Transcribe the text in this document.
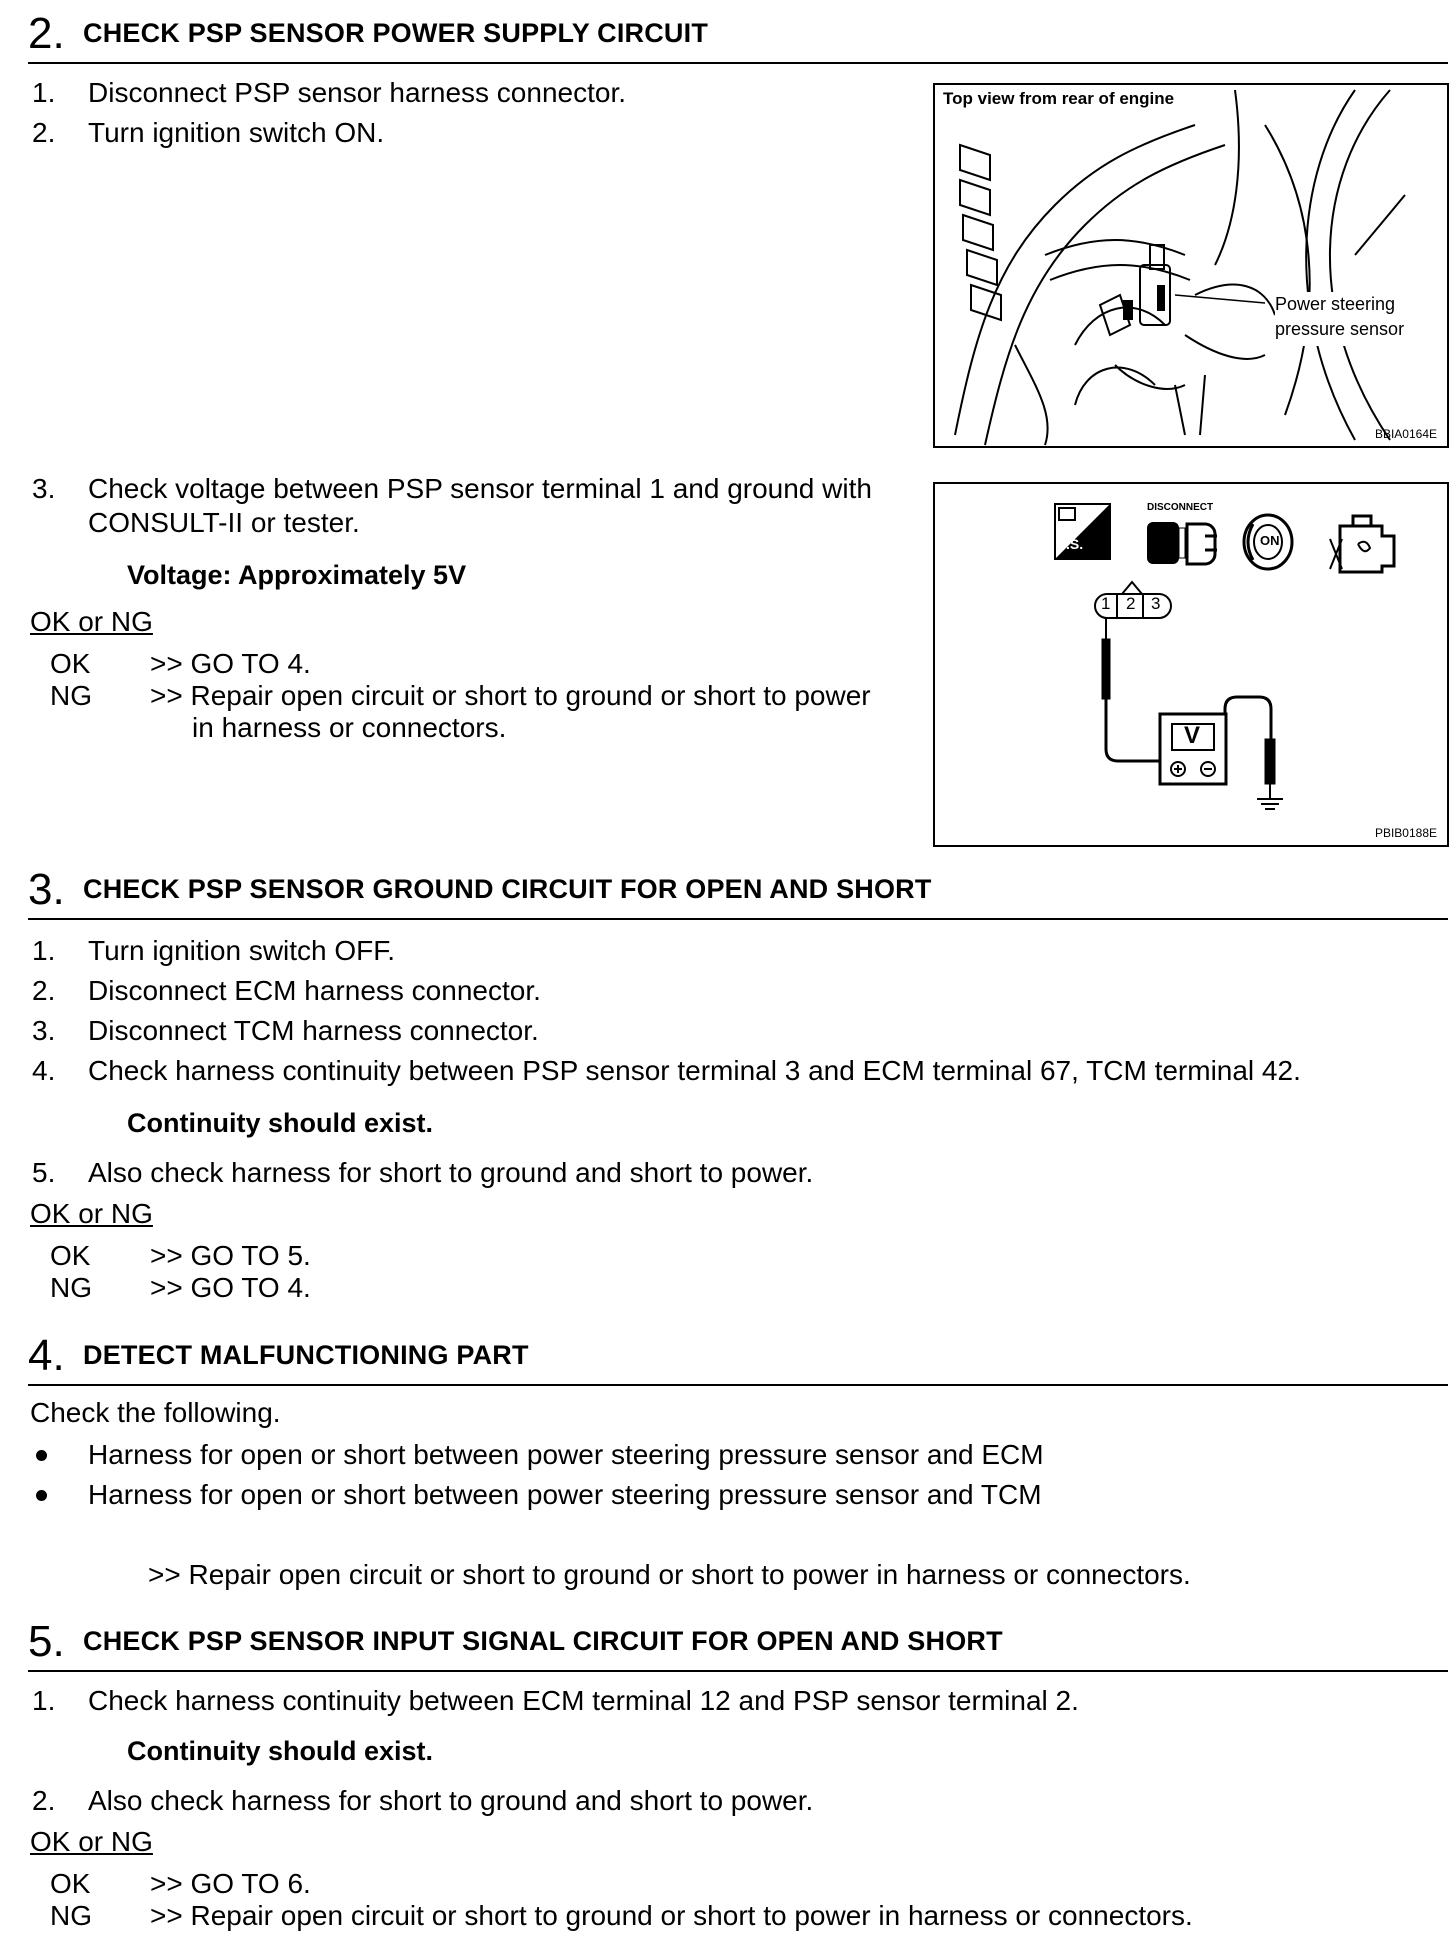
2. CHECK PSP SENSOR POWER SUPPLY CIRCUIT
1. Disconnect PSP sensor harness connector.
2. Turn ignition switch ON.
Top view from rear of engine
Power steering
pressure sensor
BBIA0164E
3. Check voltage between PSP sensor terminal 1 and ground with
CONSULT-II or tester.
Voltage: Approximately 5V
OK or NG
OK >> GO TO 4.
NG >> Repair open circuit or short to ground or short to power
in harness or connectors.
T.S.
DISCONNECT
ON
1 2 3
V
PBIB0188E
3. CHECK PSP SENSOR GROUND CIRCUIT FOR OPEN AND SHORT
1. Turn ignition switch OFF.
2. Disconnect ECM harness connector.
3. Disconnect TCM harness connector.
4. Check harness continuity between PSP sensor terminal 3 and ECM terminal 67, TCM terminal 42.
Continuity should exist.
5. Also check harness for short to ground and short to power.
OK or NG
OK >> GO TO 5.
NG >> GO TO 4.
4. DETECT MALFUNCTIONING PART
Check the following.
Harness for open or short between power steering pressure sensor and ECM
Harness for open or short between power steering pressure sensor and TCM
>> Repair open circuit or short to ground or short to power in harness or connectors.
5. CHECK PSP SENSOR INPUT SIGNAL CIRCUIT FOR OPEN AND SHORT
1. Check harness continuity between ECM terminal 12 and PSP sensor terminal 2.
Continuity should exist.
2. Also check harness for short to ground and short to power.
OK or NG
OK >> GO TO 6.
NG >> Repair open circuit or short to ground or short to power in harness or connectors.
